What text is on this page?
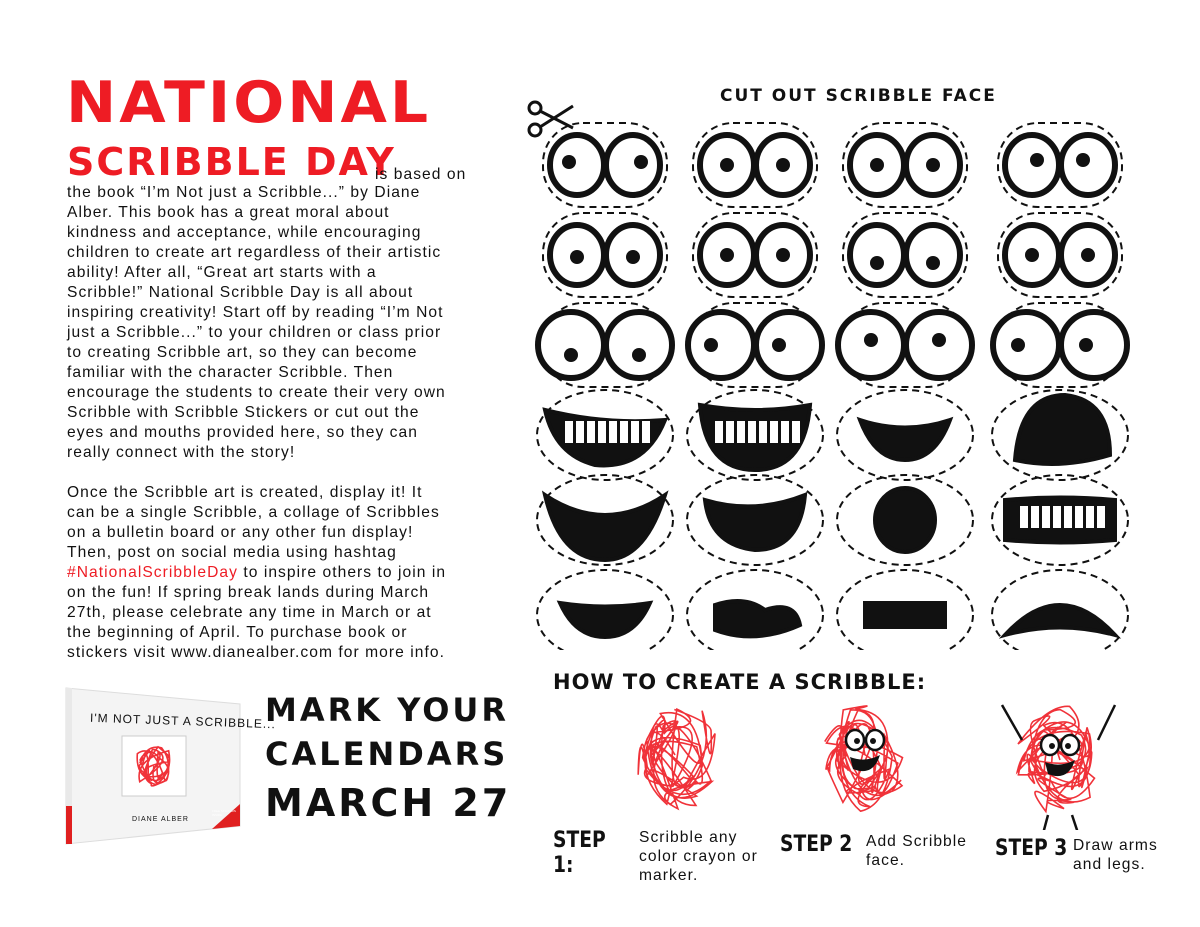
NATIONAL
SCRIBBLE DAY
is based on
the book “I’m Not just a Scribble...” by Diane
Alber. This book has a great moral about
kindness and acceptance, while encouraging
children to create art regardless of their artistic
ability! After all, “Great art starts with a
Scribble!” National Scribble Day is all about
inspiring creativity! Start off by reading “I’m Not
just a Scribble...” to your children or class prior
to creating Scribble art, so they can become
familiar with the character Scribble. Then
encourage the students to create their very own
Scribble with Scribble Stickers or cut out the
eyes and mouths provided here, so they can
really connect with the story!
Once the Scribble art is created, display it! It
can be a single Scribble, a collage of Scribbles
on a bulletin board or any other fun display!
Then, post on social media using hashtag
#NationalScribbleDay to inspire others to join in
on the fun! If spring break lands during March
27th, please celebrate any time in March or at
the beginning of April. To purchase book or
stickers visit www.dianealber.com for more info.
I'M NOT JUST A SCRIBBLE...
DIANE ALBER
FREE STICKERS INSIDE
MARK YOUR
CALENDARS
MARCH 27
CUT OUT SCRIBBLE FACE
HOW TO CREATE A SCRIBBLE:
STEP 1:
Scribble any
color crayon or
marker.
STEP 2 Add Scribble
face.	STEP 3 Draw arms
and legs.
